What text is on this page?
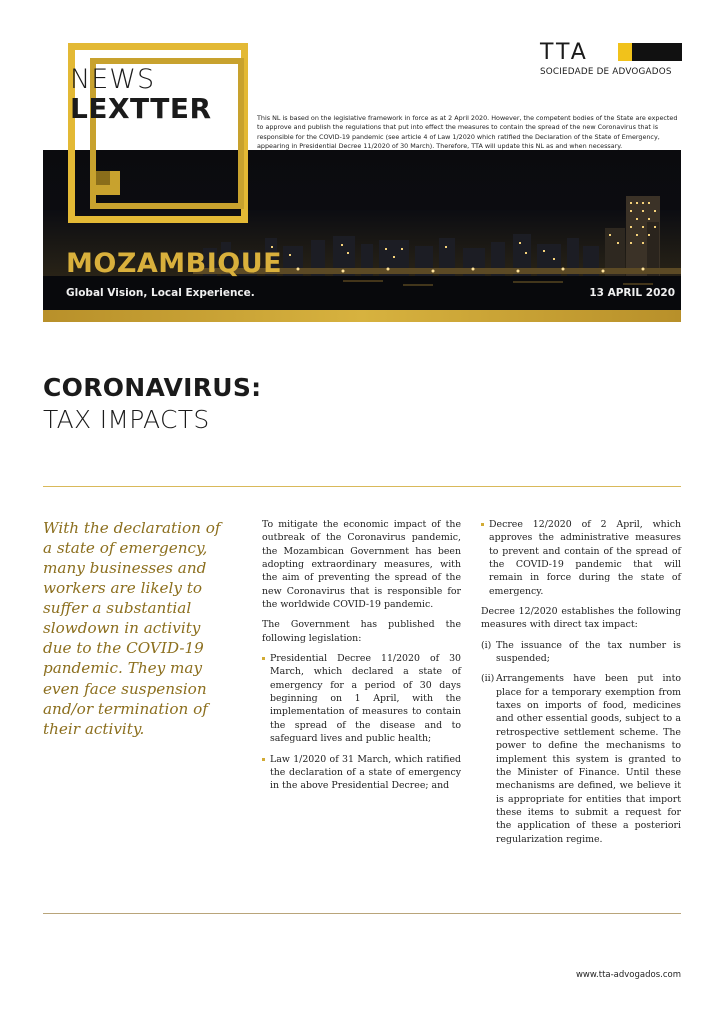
NEWS
LEXTTER
TTA
SOCIEDADE DE ADVOGADOS
This NL is based on the legislative framework in force as at 2 April 2020. However, the competent bodies of the State are expected to approve and publish the regulations that put into effect the measures to contain the spread of the new Coronavirus that is responsible for the COVID-19 pandemic (see article 4 of Law 1/2020 which ratified the Declaration of the State of Emergency, appearing in Presidential Decree 11/2020 of 30 March). Therefore, TTA will update this NL as and when necessary.
MOZAMBIQUE
Global Vision, Local Experience.	13 APRIL 2020
CORONAVIRUS:
TAX IMPACTS
With the declaration of a state of emergency, many businesses and workers are likely to suffer a substantial slowdown in activity due to the COVID-19 pandemic. They may even face suspension and/or termination of their activity.

To mitigate the economic impact of the outbreak of the Coronavirus pandemic, the Mozambican Government has been adopting extraordinary measures, with the aim of preventing the spread of the new Coronavirus that is responsible for the worldwide COVID-19 pandemic.

The Government has published the following legislation:

Presidential Decree 11/2020 of 30 March, which declared a state of emergency for a period of 30 days beginning on 1 April, with the implementation of measures to contain the spread of the disease and to safeguard lives and public health;

Law 1/2020 of 31 March, which ratified the declaration of a state of emergency in the above Presidential Decree; and

Decree 12/2020 of 2 April, which approves the administrative measures to prevent and contain of the spread of the COVID-19 pandemic that will remain in force during the state of emergency.

Decree 12/2020 establishes the following measures with direct tax impact:

(i) The issuance of the tax number is suspended;

(ii) Arrangements have been put into place for a temporary exemption from taxes on imports of food, medicines and other essential goods, subject to a retrospective settlement scheme. The power to define the mechanisms to implement this system is granted to the Minister of Finance. Until these mechanisms are defined, we believe it is appropriate for entities that import these items to submit a request for the application of these a posteriori regularization regime.

www.tta-advogados.com
